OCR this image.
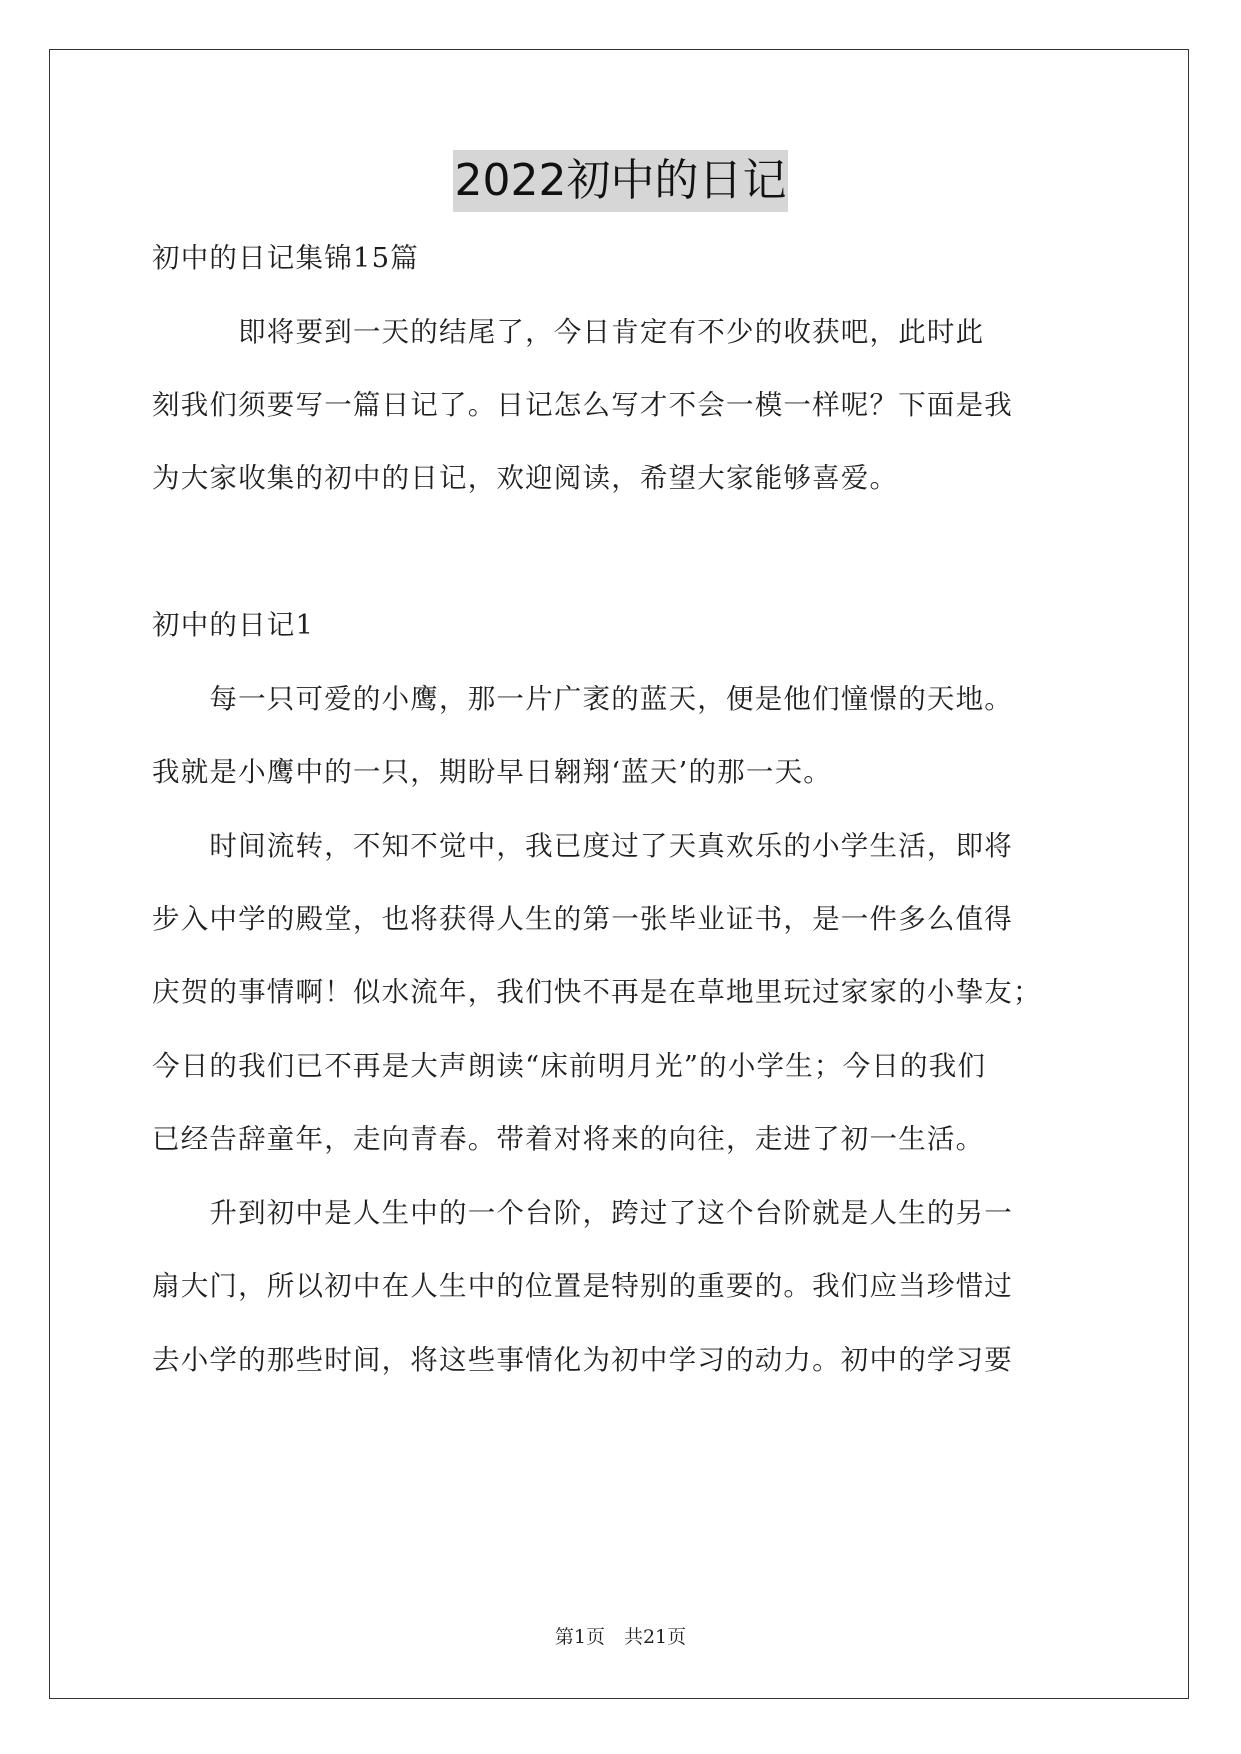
2022初中的日记
初中的日记集锦15篇
　　　即将要到一天的结尾了，今日肯定有不少的收获吧，此时此
刻我们须要写一篇日记了。日记怎么写才不会一模一样呢？下面是我
为大家收集的初中的日记，欢迎阅读，希望大家能够喜爱。
初中的日记1
　　每一只可爱的小鹰，那一片广袤的蓝天，便是他们憧憬的天地。
我就是小鹰中的一只，期盼早日翱翔‘蓝天’的那一天。
　　时间流转，不知不觉中，我已度过了天真欢乐的小学生活，即将
步入中学的殿堂，也将获得人生的第一张毕业证书，是一件多么值得
庆贺的事情啊！似水流年，我们快不再是在草地里玩过家家的小挚友；
今日的我们已不再是大声朗读“床前明月光”的小学生；今日的我们
已经告辞童年，走向青春。带着对将来的向往，走进了初一生活。
　　升到初中是人生中的一个台阶，跨过了这个台阶就是人生的另一
扇大门，所以初中在人生中的位置是特别的重要的。我们应当珍惜过
去小学的那些时间，将这些事情化为初中学习的动力。初中的学习要
第1页　共21页
